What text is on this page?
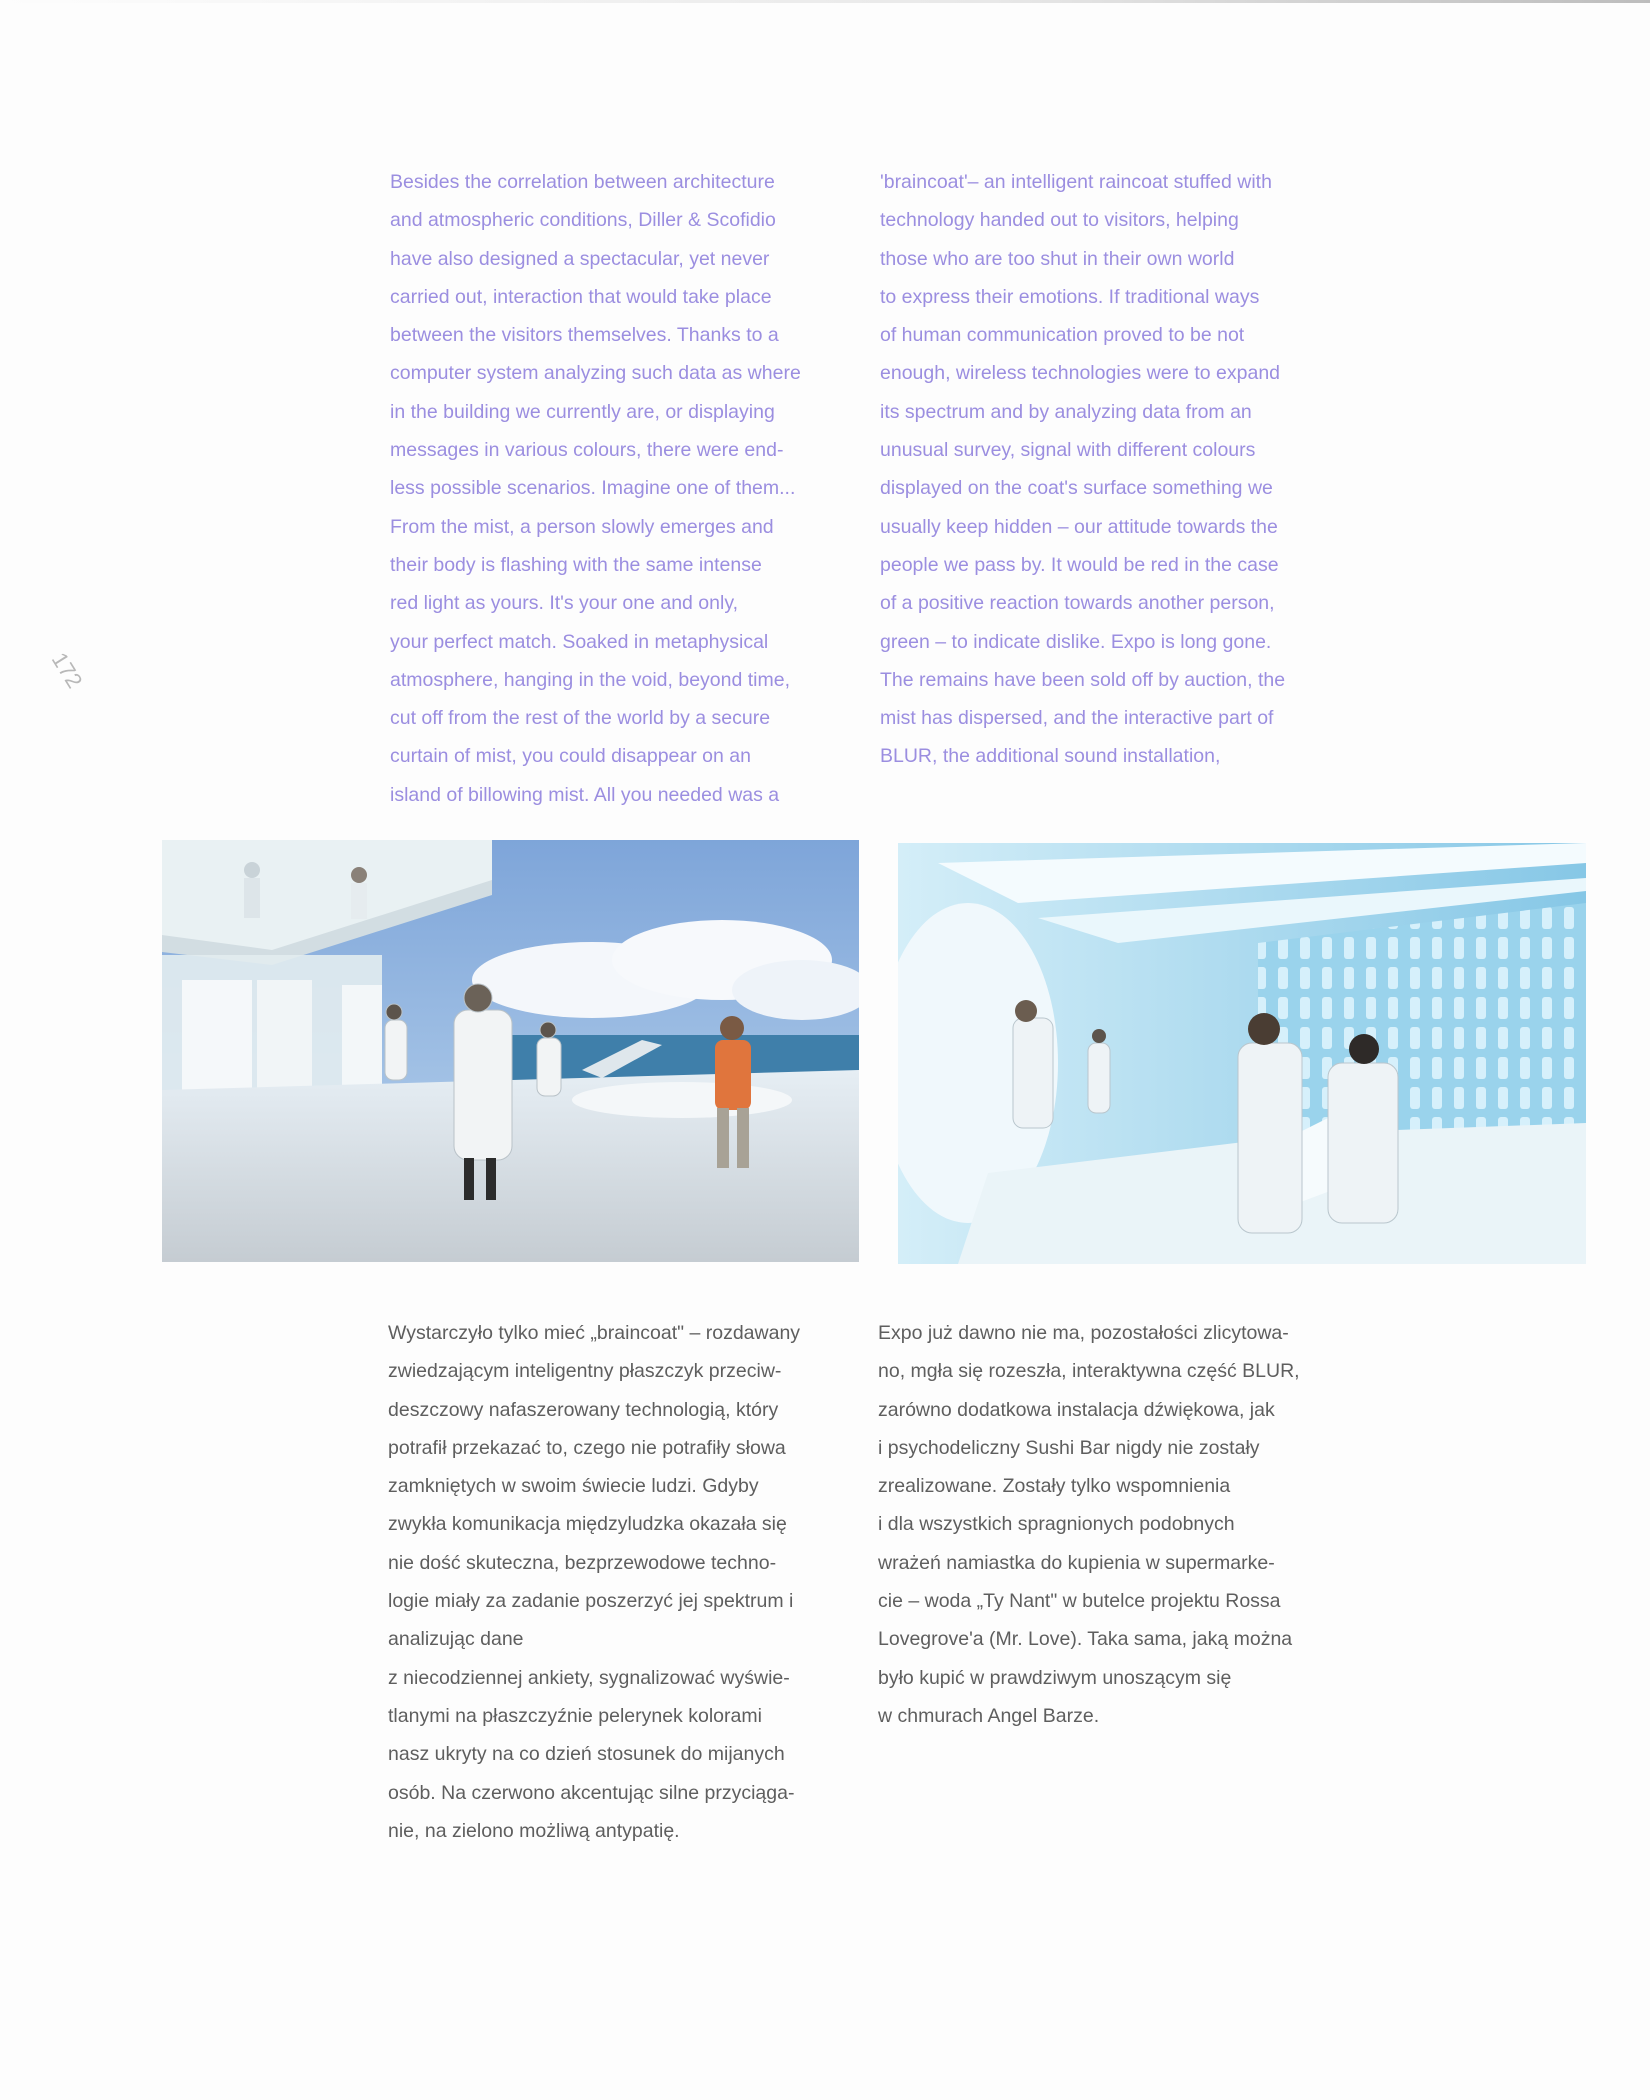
Besides the correlation between architecture
and atmospheric conditions, Diller & Scofidio
have also designed a spectacular, yet never
carried out, interaction that would take place
between the visitors themselves. Thanks to a
computer system analyzing such data as where
in the building we currently are, or displaying
messages in various colours, there were end-
less possible scenarios. Imagine one of them...
From the mist, a person slowly emerges and
their body is flashing with the same intense
red light as yours. It's your one and only,
your perfect match. Soaked in metaphysical
atmosphere, hanging in the void, beyond time,
cut off from the rest of the world by a secure
curtain of mist, you could disappear on an
island of billowing mist. All you needed was a

'braincoat'– an intelligent raincoat stuffed with
technology handed out to visitors, helping
those who are too shut in their own world
to express their emotions. If traditional ways
of human communication proved to be not
enough, wireless technologies were to expand
its spectrum and by analyzing data from an
unusual survey, signal with different colours
displayed on the coat's surface something we
usually keep hidden – our attitude towards the
people we pass by. It would be red in the case
of a positive reaction towards another person,
green – to indicate dislike. Expo is long gone.
The remains have been sold off by auction, the
mist has dispersed, and the interactive part of
BLUR, the additional sound installation,

172

Wystarczyło tylko mieć „braincoat" – rozdawany
zwiedzającym inteligentny płaszczyk przeciw-
deszczowy nafaszerowany technologią, który
potrafił przekazać to, czego nie potrafiły słowa
zamkniętych w swoim świecie ludzi. Gdyby
zwykła komunikacja międzyludzka okazała się
nie dość skuteczna, bezprzewodowe techno-
logie miały za zadanie poszerzyć jej spektrum i
analizując dane
z niecodziennej ankiety, sygnalizować wyświe-
tlanymi na płaszczyźnie pelerynek kolorami
nasz ukryty na co dzień stosunek do mijanych
osób. Na czerwono akcentując silne przyciąga-
nie, na zielono możliwą antypatię.

Expo już dawno nie ma, pozostałości zlicytowa-
no, mgła się rozeszła, interaktywna część BLUR,
zarówno dodatkowa instalacja dźwiękowa, jak
i psychodeliczny Sushi Bar nigdy nie zostały
zrealizowane. Zostały tylko wspomnienia
i dla wszystkich spragnionych podobnych
wrażeń namiastka do kupienia w supermarke-
cie – woda „Ty Nant" w butelce projektu Rossa
Lovegrove'a (Mr. Love). Taka sama, jaką można
było kupić w prawdziwym unoszącym się
w chmurach Angel Barze.
